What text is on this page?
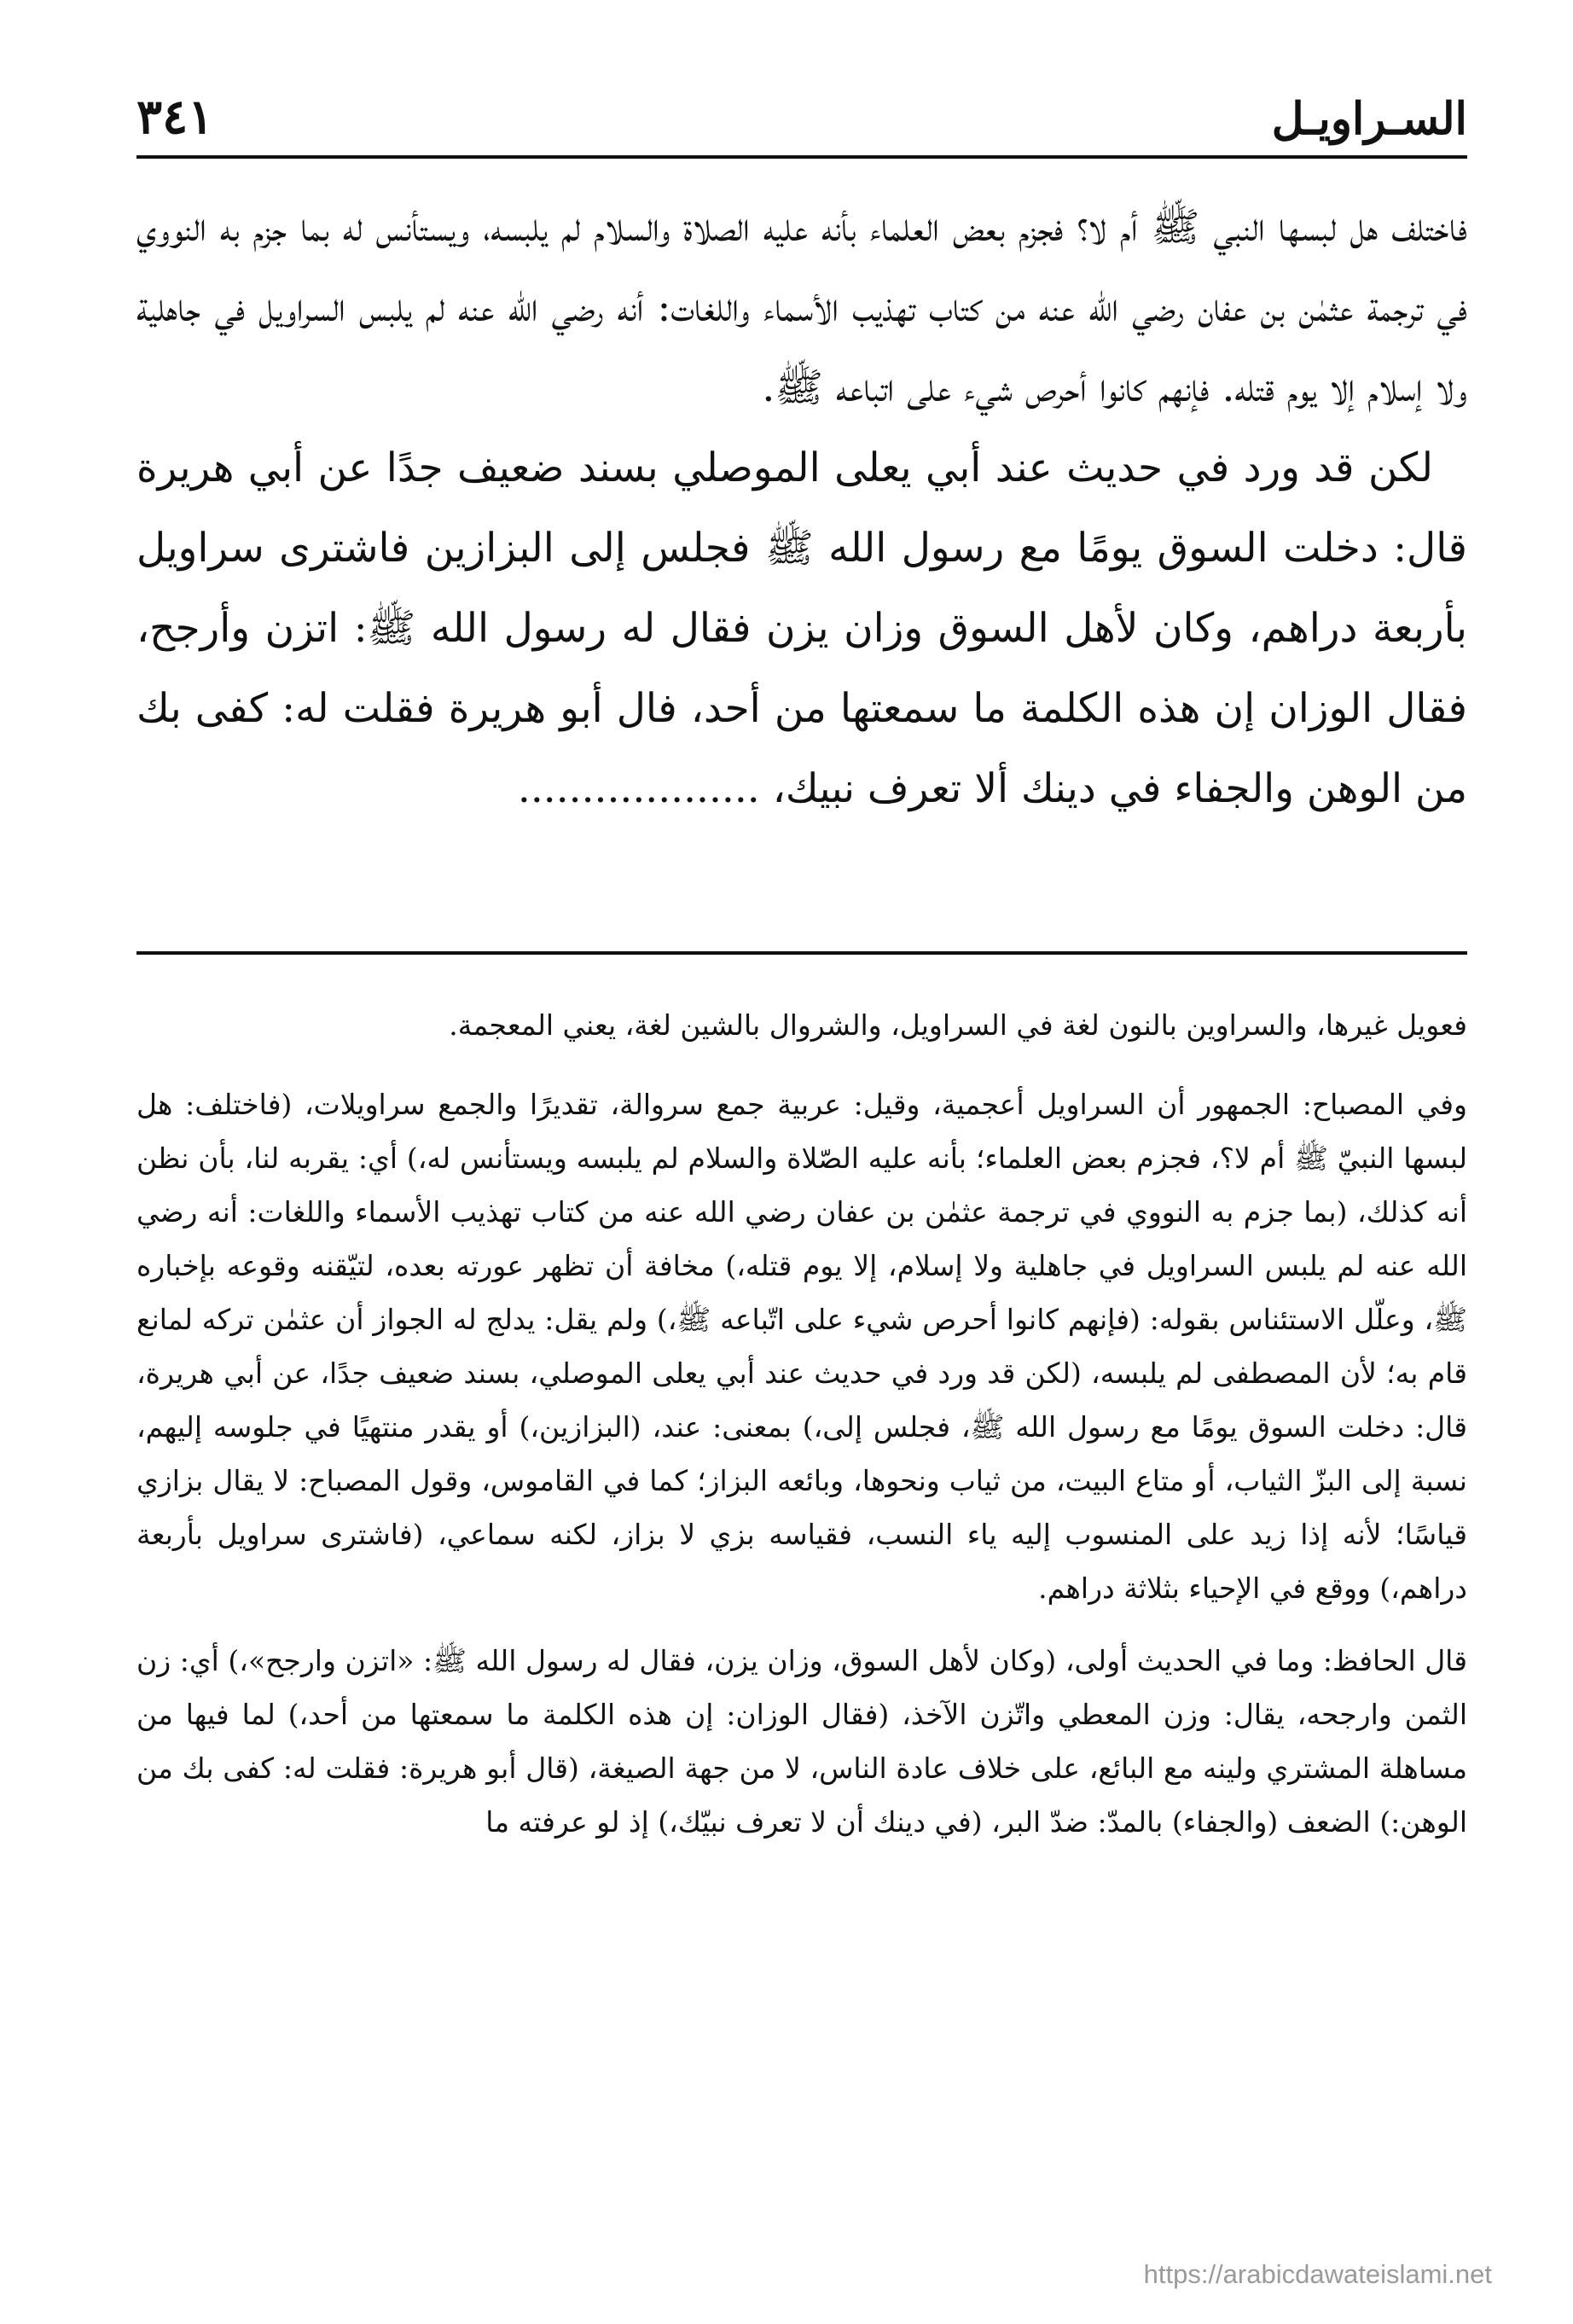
السـراويـل
٣٤١

فاختلف هل لبسها النبي ﷺ أم لا؟ فجزم بعض العلماء بأنه عليه الصلاة والسلام لم يلبسه، ويستأنس له بما جزم به النووي في ترجمة عثمٰن بن عفان رضي الله عنه من كتاب تهذيب الأسماء واللغات: أنه رضي الله عنه لم يلبس السراويل في جاهلية ولا إسلام إلا يوم قتله. فإنهم كانوا أحرص شيء على اتباعه ﷺ.

لكن قد ورد في حديث عند أبي يعلى الموصلي بسند ضعيف جدًا عن أبي هريرة قال: دخلت السوق يومًا مع رسول الله ﷺ فجلس إلى البزازين فاشترى سراويل بأربعة دراهم، وكان لأهل السوق وزان يزن فقال له رسول الله ﷺ: اتزن وأرجح، فقال الوزان إن هذه الكلمة ما سمعتها من أحد، فال أبو هريرة فقلت له: كفى بك من الوهن والجفاء في دينك ألا تعرف نبيك، ...................

فعويل غيرها، والسراوين بالنون لغة في السراويل، والشروال بالشين لغة، يعني المعجمة.

وفي المصباح: الجمهور أن السراويل أعجمية، وقيل: عربية جمع سروالة، تقديرًا والجمع سراويلات، (فاختلف: هل لبسها النبيّ ﷺ أم لا؟، فجزم بعض العلماء؛ بأنه عليه الصّلاة والسلام لم يلبسه ويستأنس له،) أي: يقربه لنا، بأن نظن أنه كذلك، (بما جزم به النووي في ترجمة عثمٰن بن عفان رضي الله عنه من كتاب تهذيب الأسماء واللغات: أنه رضي الله عنه لم يلبس السراويل في جاهلية ولا إسلام، إلا يوم قتله،) مخافة أن تظهر عورته بعده، لتيّقنه وقوعه بإخباره ﷺ، وعلّل الاستئناس بقوله: (فإنهم كانوا أحرص شيء على اتّباعه ﷺ،) ولم يقل: يدلج له الجواز أن عثمٰن تركه لمانع قام به؛ لأن المصطفى لم يلبسه، (لكن قد ورد في حديث عند أبي يعلى الموصلي، بسند ضعيف جدًا، عن أبي هريرة، قال: دخلت السوق يومًا مع رسول الله ﷺ، فجلس إلى،) بمعنى: عند، (البزازين،) أو يقدر منتهيًا في جلوسه إليهم، نسبة إلى البزّ الثياب، أو متاع البيت، من ثياب ونحوها، وبائعه البزاز؛ كما في القاموس، وقول المصباح: لا يقال بزازي قياسًا؛ لأنه إذا زيد على المنسوب إليه ياء النسب، فقياسه بزي لا بزاز، لكنه سماعي، (فاشترى سراويل بأربعة دراهم،) ووقع في الإحياء بثلاثة دراهم.

قال الحافظ: وما في الحديث أولى، (وكان لأهل السوق، وزان يزن، فقال له رسول الله ﷺ: «اتزن وارجح»،) أي: زن الثمن وارجحه، يقال: وزن المعطي واتّزن الآخذ، (فقال الوزان: إن هذه الكلمة ما سمعتها من أحد،) لما فيها من مساهلة المشتري ولينه مع البائع، على خلاف عادة الناس، لا من جهة الصيغة، (قال أبو هريرة: فقلت له: كفى بك من الوهن:) الضعف (والجفاء) بالمدّ: ضدّ البر، (في دينك أن لا تعرف نبيّك،) إذ لو عرفته ما

https://arabicdawateislami.net
